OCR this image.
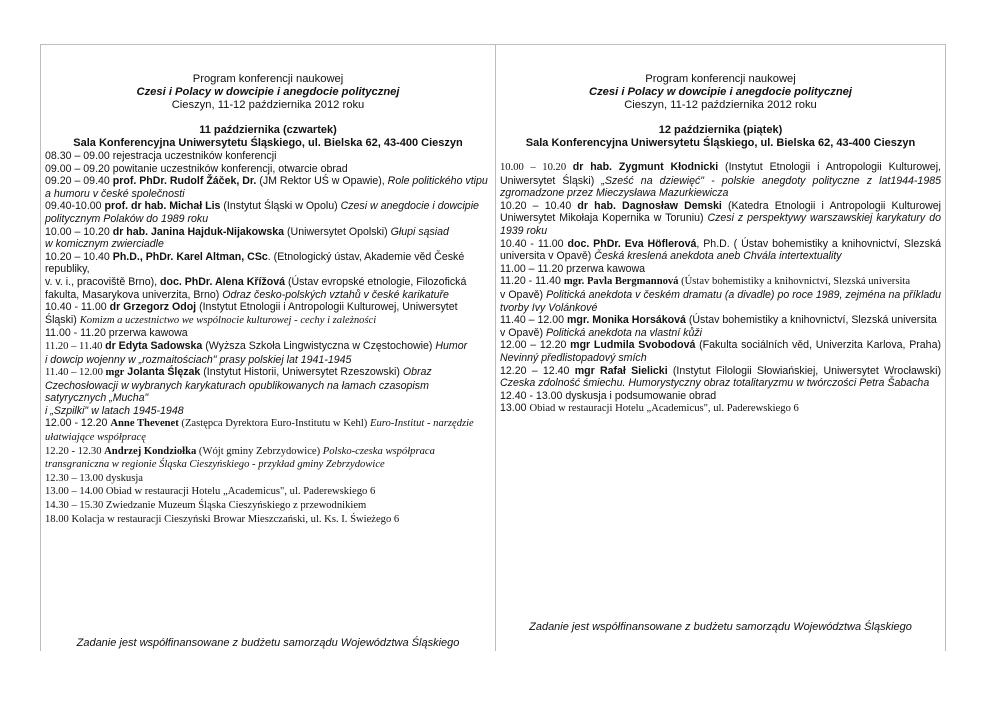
Program konferencji naukowej
Czesi i Polacy w dowcipie i anegdocie politycznej
Cieszyn, 11-12 października 2012 roku
11 października (czwartek)
Sala Konferencyjna Uniwersytetu Śląskiego, ul. Bielska 62, 43-400 Cieszyn
08.30 – 09.00 rejestracja uczestników konferencji
09.00 – 09.20 powitanie uczestników konferencji, otwarcie obrad
09.20 – 09.40 prof. PhDr. Rudolf Žáček, Dr. (JM Rektor UŚ w Opawie), Role politického vtipu
a humoru v české společnosti
09.40-10.00 prof. dr hab. Michał Lis (Instytut Śląski w Opolu) Czesi w anegdocie i dowcipie politycznym Polaków do 1989 roku
10.00 – 10.20 dr hab. Janina Hajduk-Nijakowska (Uniwersytet Opolski) Głupi sąsiad
w komicznym zwierciadle
10.20 – 10.40 Ph.D., PhDr. Karel Altman, CSc. (Etnologický ústav, Akademie věd České republiky,
v. v. i., pracoviště Brno), doc. PhDr. Alena Křížová (Ústav evropské etnologie, Filozofická fakulta, Masarykova univerzita, Brno) Odraz česko-polských vztahů v české karikatuře
10.40 - 11.00 dr Grzegorz Odoj (Instytut Etnologii i Antropologii Kulturowej, Uniwersytet Śląski) Komizm a uczestnictwo we wspólnocie kulturowej - cechy i zależności
11.00 - 11.20 przerwa kawowa
11.20 – 11.40 dr Edyta Sadowska (Wyższa Szkoła Lingwistyczna w Częstochowie) Humor
i dowcip wojenny w „rozmaitościach" prasy polskiej lat 1941-1945
11.40 – 12.00 mgr Jolanta Ślęzak (Instytut Historii, Uniwersytet Rzeszowski) Obraz Czechosłowacji w wybranych karykaturach opublikowanych na łamach czasopism satyrycznych „Mucha"
i „Szpilki" w latach 1945-1948
12.00 - 12.20 Anne Thevenet (Zastępca Dyrektora Euro-Institutu w Kehl) Euro-Institut - narzędzie ułatwiające współpracę
12.20 - 12.30 Andrzej Kondziołka (Wójt gminy Zebrzydowice) Polsko-czeska współpraca transgraniczna w regionie Śląska Cieszyńskiego - przykład gminy Zebrzydowice
12.30 – 13.00 dyskusja
13.00 – 14.00 Obiad w restauracji Hotelu „Academicus", ul. Paderewskiego 6
14.30 – 15.30 Zwiedzanie Muzeum Śląska Cieszyńskiego z przewodnikiem
18.00 Kolacja w restauracji Cieszyński Browar Mieszczański, ul. Ks. I. Świeżego 6
Zadanie jest współfinansowane z budżetu samorządu Województwa Śląskiego
Program konferencji naukowej
Czesi i Polacy w dowcipie i anegdocie politycznej
Cieszyn, 11-12 października 2012 roku
12 października (piątek)
Sala Konferencyjna Uniwersytetu Śląskiego, ul. Bielska 62, 43-400 Cieszyn
10.00 – 10.20 dr hab. Zygmunt Kłodnicki (Instytut Etnologii i Antropologii Kulturowej, Uniwersytet Śląski) „Sześć na dziewięć" - polskie anegdoty polityczne z lat1944-1985 zgromadzone przez Mieczysława Mazurkiewicza
10.20 – 10.40 dr hab. Dagnosław Demski (Katedra Etnologii i Antropologii Kulturowej Uniwersytet Mikołaja Kopernika w Toruniu) Czesi z perspektywy warszawskiej karykatury do 1939 roku
10.40 - 11.00 doc. PhDr. Eva Höflerová, Ph.D. ( Ústav bohemistiky a knihovnictví, Slezská universita v Opavě) Česká kreslená anekdota aneb Chvála intertextuality
11.00 – 11.20 przerwa kawowa
11.20 - 11.40 mgr. Pavla Bergmannová (Ústav bohemistiky a knihovnictví, Slezská universita
v Opavě) Politická anekdota v českém dramatu (a divadle) po roce 1989, zejména na příkladu tvorby Ivy Volánkové
11.40 – 12.00 mgr. Monika Horsáková (Ústav bohemistiky a knihovnictví, Slezská universita
v Opavě) Politická anekdota na vlastní kůži
12.00 – 12.20 mgr Ludmila Svobodová (Fakulta sociálních věd, Univerzita Karlova, Praha) Nevinný předlistopadový smích
12.20 – 12.40 mgr Rafał Sielicki (Instytut Filologii Słowiańskiej, Uniwersytet Wrocławski) Czeska zdolność śmiechu. Humorystyczny obraz totalitaryzmu w twórczości Petra Šabacha
12.40 - 13.00 dyskusja i podsumowanie obrad
13.00 Obiad w restauracji Hotelu „Academicus", ul. Paderewskiego 6
Zadanie jest współfinansowane z budżetu samorządu Województwa Śląskiego
